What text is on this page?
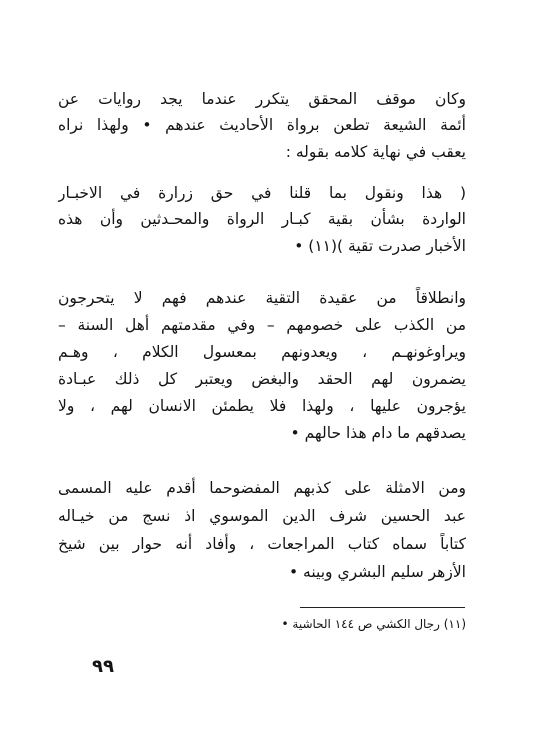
وكان موقف المحقق يتكرر عندما يجد روايات عن
أئمة الشيعة تطعن برواة الأحاديث عندهم • ولهذا نراه
يعقب في نهاية كلامه بقوله :
( هذا ونقول بما قلنا في حق زرارة في الاخبـار
الواردة بشأن بقية كبـار الرواة والمحـدثين وأن هذه
الأخبار صدرت تقية )(١١) •
وانطلاقاً من عقيدة التقية عندهم فهم لا يتحرجون
من الكذب على خصومهم – وفي مقدمتهم أهل السنة –
ويراوغونهـم ، ويعدونهم بمعسول الكلام ، وهـم
يضمرون لهم الحقد والبغض ويعتبر كل ذلك عبـادة
يؤجرون عليها ، ولهذا فلا يطمئن الانسان لهم ، ولا
يصدقهم ما دام هذا حالهم •
ومن الامثلة على كذبهم المفضوحما أقدم عليه المسمى
عبد الحسين شرف الدين الموسوي اذ نسج من خيـاله
كتاباً سماه كتاب المراجعات ، وأفاد أنه حوار بين شيخ
الأزهر سليم البشري وبينه •
(١١) رجال الكشي ص ١٤٤ الحاشية •
٩٩
